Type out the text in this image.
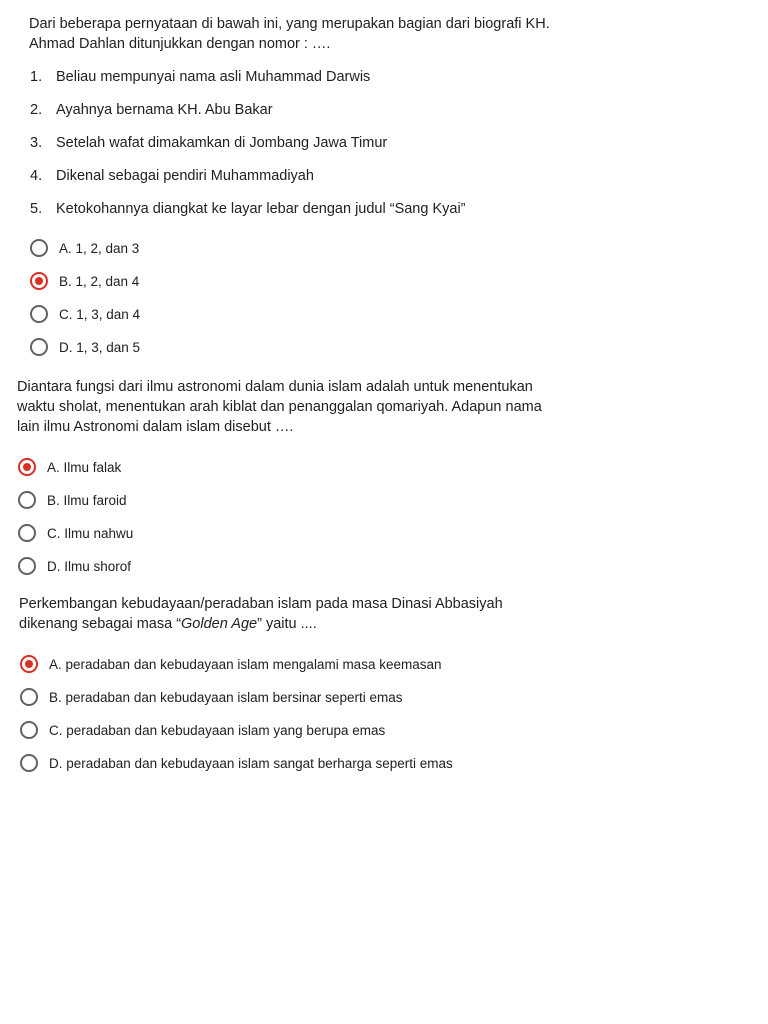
Dari beberapa pernyataan di bawah ini, yang merupakan bagian dari biografi KH.
Ahmad Dahlan ditunjukkan dengan nomor : ….
1. Beliau mempunyai nama asli Muhammad Darwis
2. Ayahnya bernama KH. Abu Bakar
3. Setelah wafat dimakamkan di Jombang Jawa Timur
4. Dikenal sebagai pendiri Muhammadiyah
5. Ketokohannya diangkat ke layar lebar dengan judul “Sang Kyai”
A. 1, 2, dan 3
B. 1, 2, dan 4
C. 1, 3, dan 4
D. 1, 3, dan 5
Diantara fungsi dari ilmu astronomi dalam dunia islam adalah untuk menentukan
waktu sholat, menentukan arah kiblat dan penanggalan qomariyah. Adapun nama
lain ilmu Astronomi dalam islam disebut ….
A. Ilmu falak
B. Ilmu faroid
C. Ilmu nahwu
D. Ilmu shorof
Perkembangan kebudayaan/peradaban islam pada masa Dinasi Abbasiyah
dikenang sebagai masa “Golden Age” yaitu ....
A. peradaban dan kebudayaan islam mengalami masa keemasan
B. peradaban dan kebudayaan islam bersinar seperti emas
C. peradaban dan kebudayaan islam yang berupa emas
D. peradaban dan kebudayaan islam sangat berharga seperti emas
